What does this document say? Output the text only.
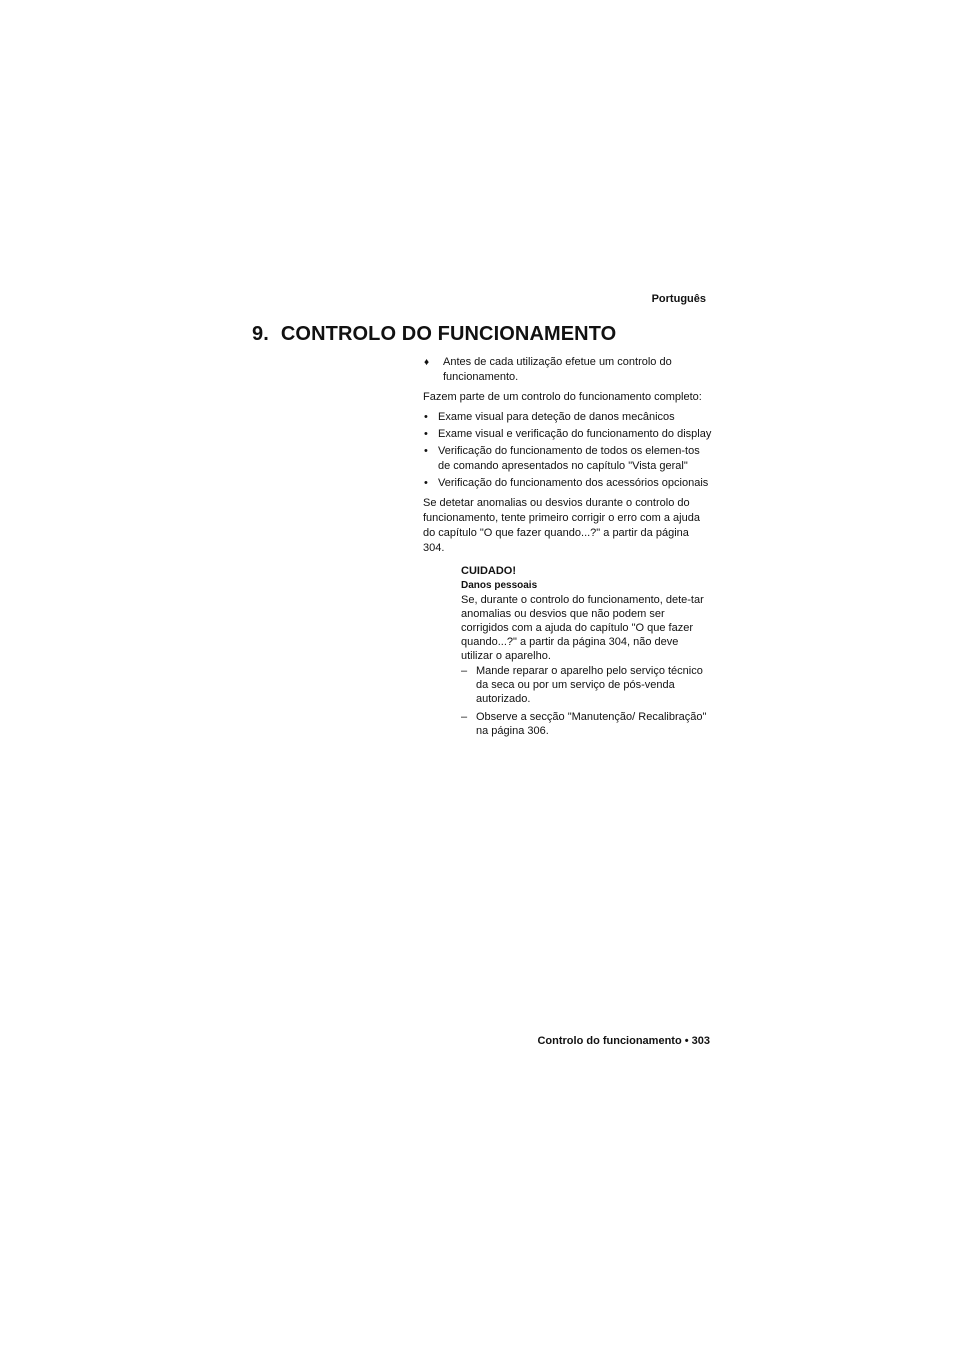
Português
9. CONTROLO DO FUNCIONAMENTO

♦ Antes de cada utilização efetue um controlo do funcionamento.

Fazem parte de um controlo do funcionamento completo:

• Exame visual para deteção de danos mecânicos
• Exame visual e verificação do funcionamento do display
• Verificação do funcionamento de todos os elemen-tos de comando apresentados no capítulo "Vista geral"
• Verificação do funcionamento dos acessórios opcionais

Se detetar anomalias ou desvios durante o controlo do funcionamento, tente primeiro corrigir o erro com a ajuda do capítulo "O que fazer quando...?" a partir da página 304.

CUIDADO!
Danos pessoais
Se, durante o controlo do funcionamento, dete-tar anomalias ou desvios que não podem ser corrigidos com a ajuda do capítulo "O que fazer quando...?" a partir da página 304, não deve utilizar o aparelho.
– Mande reparar o aparelho pelo serviço técnico da seca ou por um serviço de pós-venda autorizado.
– Observe a secção "Manutenção/ Recalibração" na página 306.
Controlo do funcionamento • 303
